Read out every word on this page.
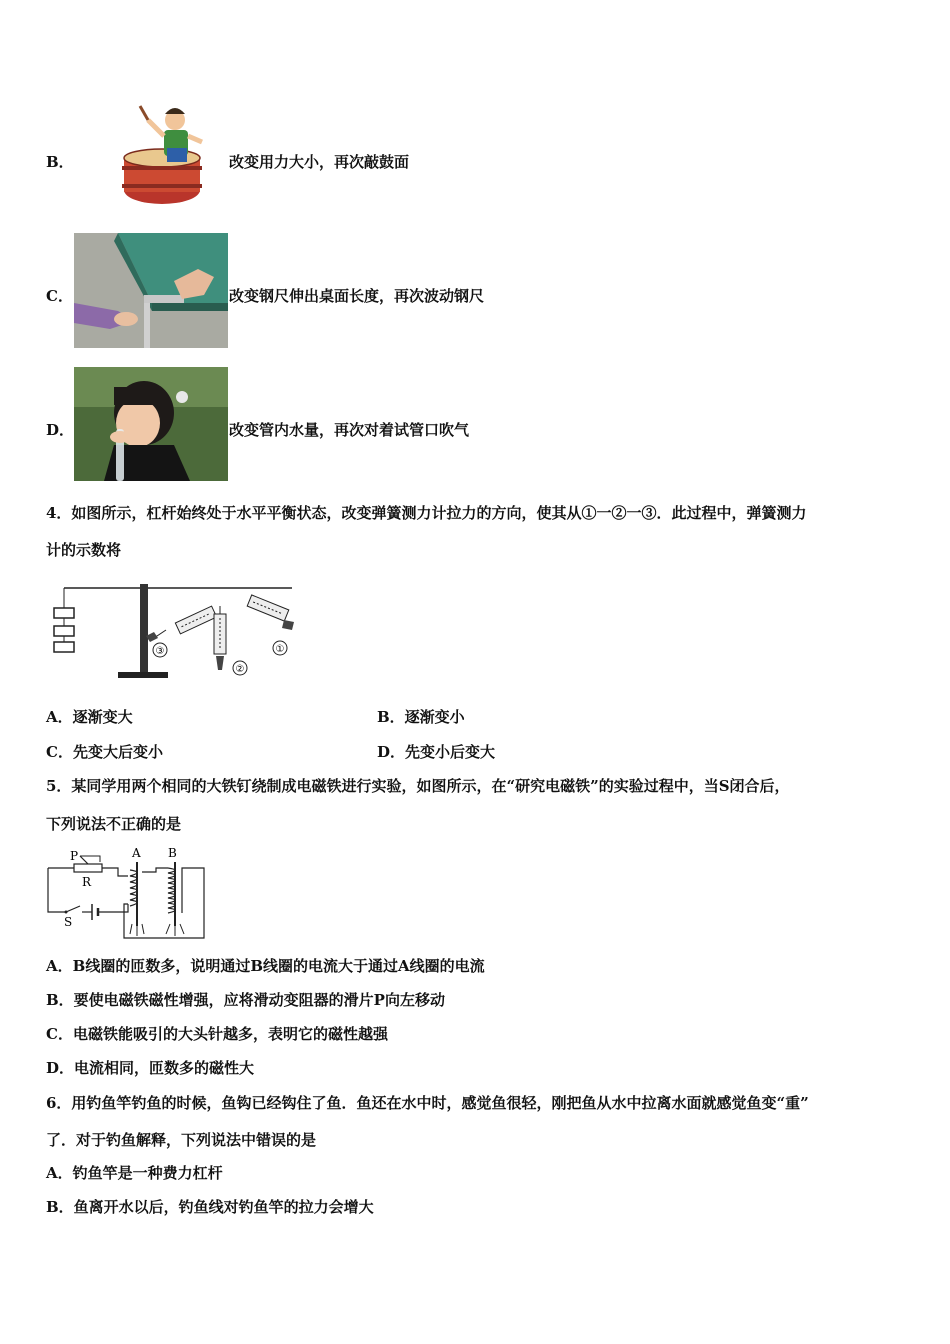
B．	改变用力大小，再次敲鼓面
C．	改变钢尺伸出桌面长度，再次波动钢尺
D．	改变管内水量，再次对着试管口吹气
4．如图所示，杠杆始终处于水平平衡状态，改变弹簧测力计拉力的方向，使其从①一②一③．此过程中，弹簧测力
计的示数将
③
②
①
A．逐渐变大	B．逐渐变小
C．先变大后变小	D．先变小后变大
5．某同学用两个相同的大铁钉绕制成电磁铁进行实验，如图所示，在“研究电磁铁”的实验过程中，当S闭合后，
下列说法不正确的是
P
R
S
A B
A．B线圈的匝数多，说明通过B线圈的电流大于通过A线圈的电流
B．要使电磁铁磁性增强，应将滑动变阻器的滑片P向左移动
C．电磁铁能吸引的大头针越多，表明它的磁性越强
D．电流相同，匝数多的磁性大
6．用钓鱼竿钓鱼的时候，鱼钩已经钩住了鱼．鱼还在水中时，感觉鱼很轻，刚把鱼从水中拉离水面就感觉鱼变“重”
了．对于钓鱼解释，下列说法中错误的是
A．钓鱼竿是一种费力杠杆
B．鱼离开水以后，钓鱼线对钓鱼竿的拉力会增大
